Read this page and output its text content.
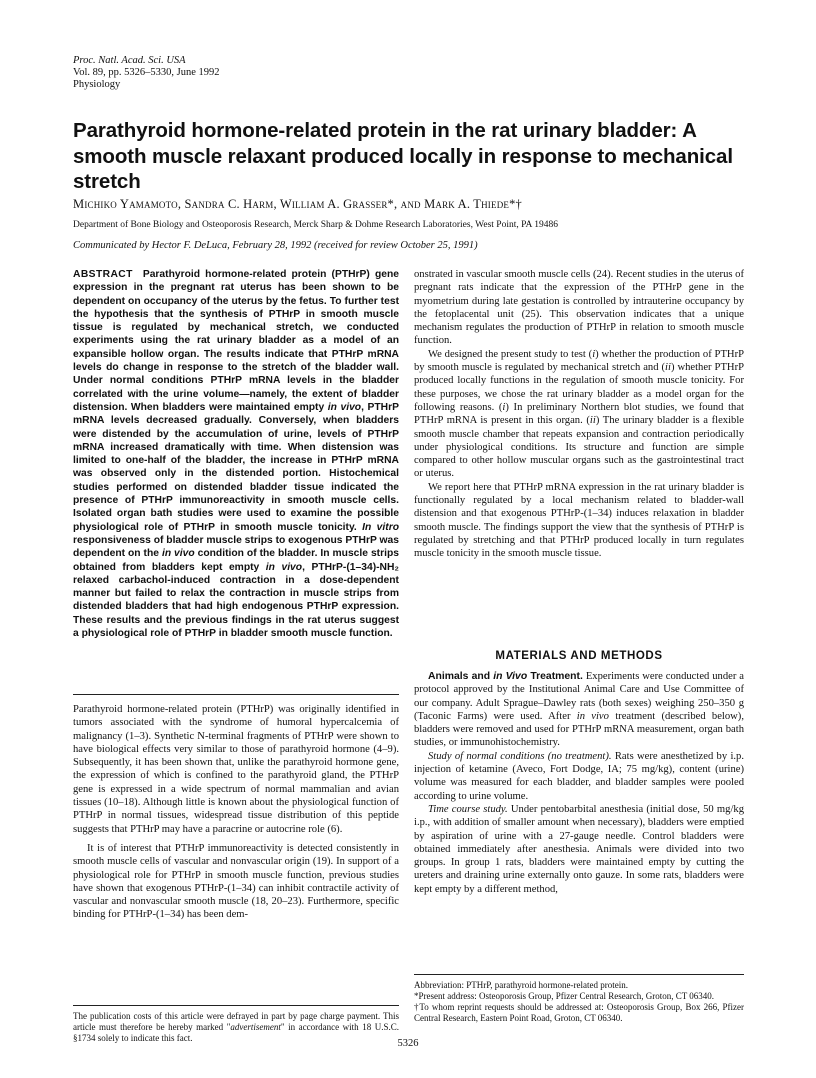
Proc. Natl. Acad. Sci. USA
Vol. 89, pp. 5326–5330, June 1992
Physiology
Parathyroid hormone-related protein in the rat urinary bladder: A smooth muscle relaxant produced locally in response to mechanical stretch
Michiko Yamamoto, Sandra C. Harm, William A. Grasser*, and Mark A. Thiede*†
Department of Bone Biology and Osteoporosis Research, Merck Sharp & Dohme Research Laboratories, West Point, PA 19486
Communicated by Hector F. DeLuca, February 28, 1992 (received for review October 25, 1991)

ABSTRACT Parathyroid hormone-related protein (PTHrP) gene expression in the pregnant rat uterus has been shown to be dependent on occupancy of the uterus by the fetus. To further test the hypothesis that the synthesis of PTHrP in smooth muscle tissue is regulated by mechanical stretch, we conducted experiments using the rat urinary bladder as a model of an expansible hollow organ. The results indicate that PTHrP mRNA levels do change in response to the stretch of the bladder wall. Under normal conditions PTHrP mRNA levels in the bladder correlated with the urine volume—namely, the extent of bladder distension. When bladders were maintained empty in vivo, PTHrP mRNA levels decreased gradually. Conversely, when bladders were distended by the accumulation of urine, levels of PTHrP mRNA increased dramatically with time. When distension was limited to one-half of the bladder, the increase in PTHrP mRNA was observed only in the distended portion. Histochemical studies performed on distended bladder tissue indicated the presence of PTHrP immunoreactivity in smooth muscle cells. Isolated organ bath studies were used to examine the possible physiological role of PTHrP in smooth muscle tonicity. In vitro responsiveness of bladder muscle strips to exogenous PTHrP was dependent on the in vivo condition of the bladder. In muscle strips obtained from bladders kept empty in vivo, PTHrP-(1–34)-NH₂ relaxed carbachol-induced contraction in a dose-dependent manner but failed to relax the contraction in muscle strips from distended bladders that had high endogenous PTHrP expression. These results and the previous findings in the rat uterus suggest a physiological role of PTHrP in bladder smooth muscle function.

Parathyroid hormone-related protein (PTHrP) was originally identified in tumors associated with the syndrome of humoral hypercalcemia of malignancy (1–3). Synthetic N-terminal fragments of PTHrP were shown to have biological effects very similar to those of parathyroid hormone (4–9). Subsequently, it has been shown that, unlike the parathyroid hormone gene, the expression of which is confined to the parathyroid gland, the PTHrP gene is expressed in a wide spectrum of normal mammalian and avian tissues (10–18). Although little is known about the physiological function of PTHrP in normal tissues, widespread tissue distribution of this peptide suggests that PTHrP may have a paracrine or autocrine role (6).

It is of interest that PTHrP immunoreactivity is detected consistently in smooth muscle cells of vascular and nonvascular origin (19). In support of a physiological role for PTHrP in smooth muscle function, previous studies have shown that exogenous PTHrP-(1–34) can inhibit contractile activity of vascular and nonvascular smooth muscle (18, 20–23). Furthermore, specific binding for PTHrP-(1–34) has been dem-

The publication costs of this article were defrayed in part by page charge payment. This article must therefore be hereby marked "advertisement" in accordance with 18 U.S.C. §1734 solely to indicate this fact.

onstrated in vascular smooth muscle cells (24). Recent studies in the uterus of pregnant rats indicate that the expression of the PTHrP gene in the myometrium during late gestation is controlled by intrauterine occupancy by the fetoplacental unit (25). This observation indicates that a unique mechanism regulates the production of PTHrP in relation to smooth muscle function.

We designed the present study to test (i) whether the production of PTHrP by smooth muscle is regulated by mechanical stretch and (ii) whether PTHrP produced locally functions in the regulation of smooth muscle tonicity. For these purposes, we chose the rat urinary bladder as a model organ for the following reasons. (i) In preliminary Northern blot studies, we found that PTHrP mRNA is present in this organ. (ii) The urinary bladder is a flexible smooth muscle chamber that repeats expansion and contraction periodically under physiological conditions. Its structure and function are simple compared to other hollow muscular organs such as the gastrointestinal tract or uterus.

We report here that PTHrP mRNA expression in the rat urinary bladder is functionally regulated by a local mechanism related to bladder-wall distension and that exogenous PTHrP-(1–34) induces relaxation in bladder smooth muscle. The findings support the view that the synthesis of PTHrP is regulated by stretching and that PTHrP produced locally in turn regulates muscle tonicity in the smooth muscle tissue.

MATERIALS AND METHODS

Animals and in Vivo Treatment. Experiments were conducted under a protocol approved by the Institutional Animal Care and Use Committee of our company. Adult Sprague–Dawley rats (both sexes) weighing 250–350 g (Taconic Farms) were used. After in vivo treatment (described below), bladders were removed and used for PTHrP mRNA measurement, organ bath studies, or immunohistochemistry.

Study of normal conditions (no treatment). Rats were anesthetized by i.p. injection of ketamine (Aveco, Fort Dodge, IA; 75 mg/kg), content (urine) volume was measured for each bladder, and bladder samples were pooled according to urine volume.

Time course study. Under pentobarbital anesthesia (initial dose, 50 mg/kg i.p., with addition of smaller amount when necessary), bladders were emptied by aspiration of urine with a 27-gauge needle. Control bladders were obtained immediately after anesthesia. Animals were divided into two groups. In group 1 rats, bladders were maintained empty by cutting the ureters and draining urine externally onto gauze. In some rats, bladders were kept empty by a different method,

Abbreviation: PTHrP, parathyroid hormone-related protein.

*Present address: Osteoporosis Group, Pfizer Central Research, Groton, CT 06340.

†To whom reprint requests should be addressed at: Osteoporosis Group, Box 266, Pfizer Central Research, Eastern Point Road, Groton, CT 06340.

5326
